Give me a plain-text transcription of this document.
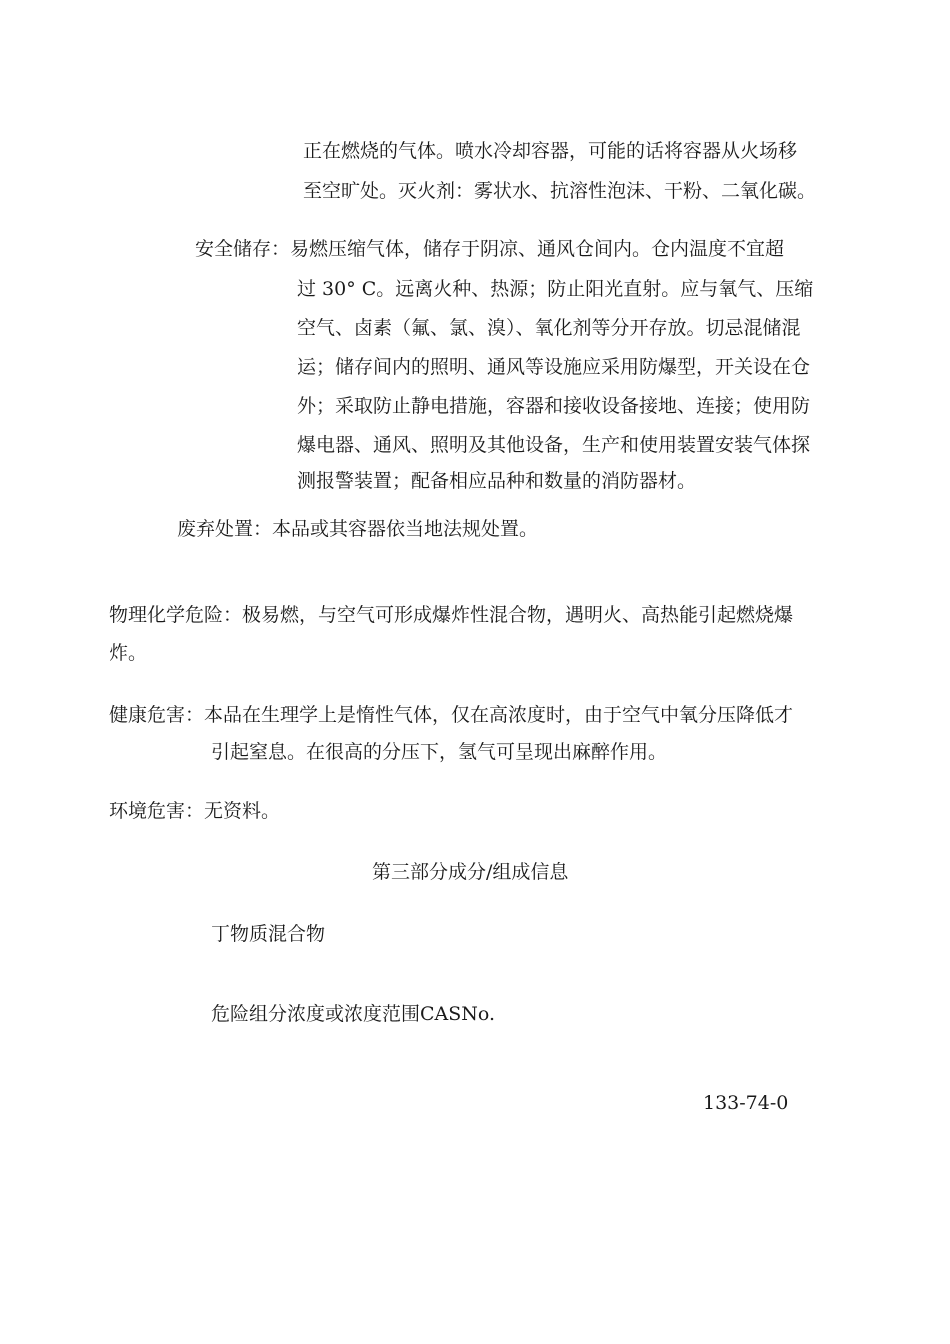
正在燃烧的气体。喷水冷却容器，可能的话将容器从火场移
至空旷处。灭火剂：雾状水、抗溶性泡沫、干粉、二氧化碳。
安全储存：易燃压缩气体，储存于阴凉、通风仓间内。仓内温度不宜超
过 30° C。远离火种、热源；防止阳光直射。应与氧气、压缩
空气、卤素（氟、氯、溴）、氧化剂等分开存放。切忌混储混
运；储存间内的照明、通风等设施应采用防爆型，开关设在仓
外；采取防止静电措施，容器和接收设备接地、连接；使用防
爆电器、通风、照明及其他设备，生产和使用装置安装气体探
测报警装置；配备相应品种和数量的消防器材。
废弃处置：本品或其容器依当地法规处置。
物理化学危险：极易燃，与空气可形成爆炸性混合物，遇明火、高热能引起燃烧爆
炸。
健康危害：本品在生理学上是惰性气体，仅在高浓度时，由于空气中氧分压降低才
引起窒息。在很高的分压下，氢气可呈现出麻醉作用。
环境危害：无资料。
第三部分成分/组成信息
丁物质混合物
危险组分浓度或浓度范围CASNo.
133-74-0
